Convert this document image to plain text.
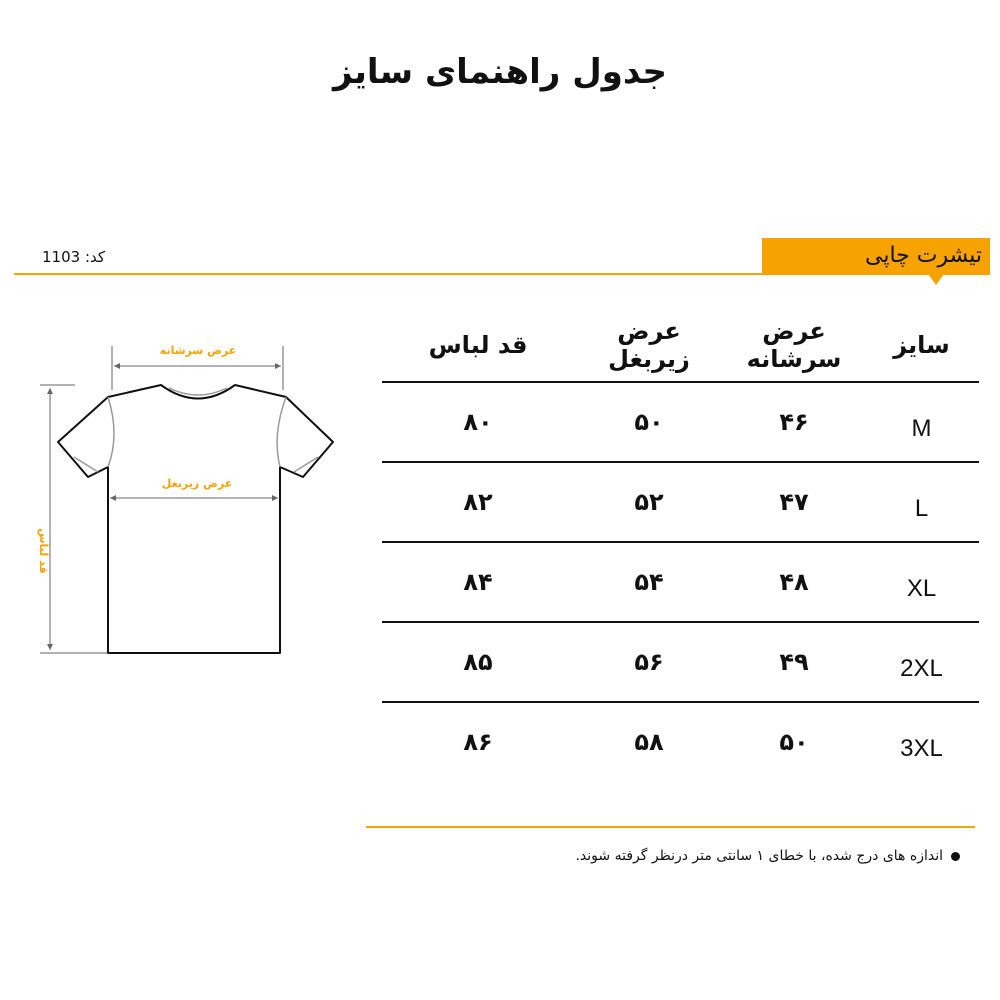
جدول راهنمای سایز
کد: 1103	تیشرت چاپی
عرض سرشانه
قد لباس
عرض زیربغل
سایز
عرض سرشانه
عرض زیربغل
قد لباس
M
۴۶
۵۰
۸۰
L
۴۷
۵۲
۸۲
XL
۴۸
۵۴
۸۴
2XL
۴۹
۵۶
۸۵
3XL
۵۰
۵۸
۸۶
اندازه های درج شده، با خطای ۱ سانتی متر درنظر گرفته شوند.
